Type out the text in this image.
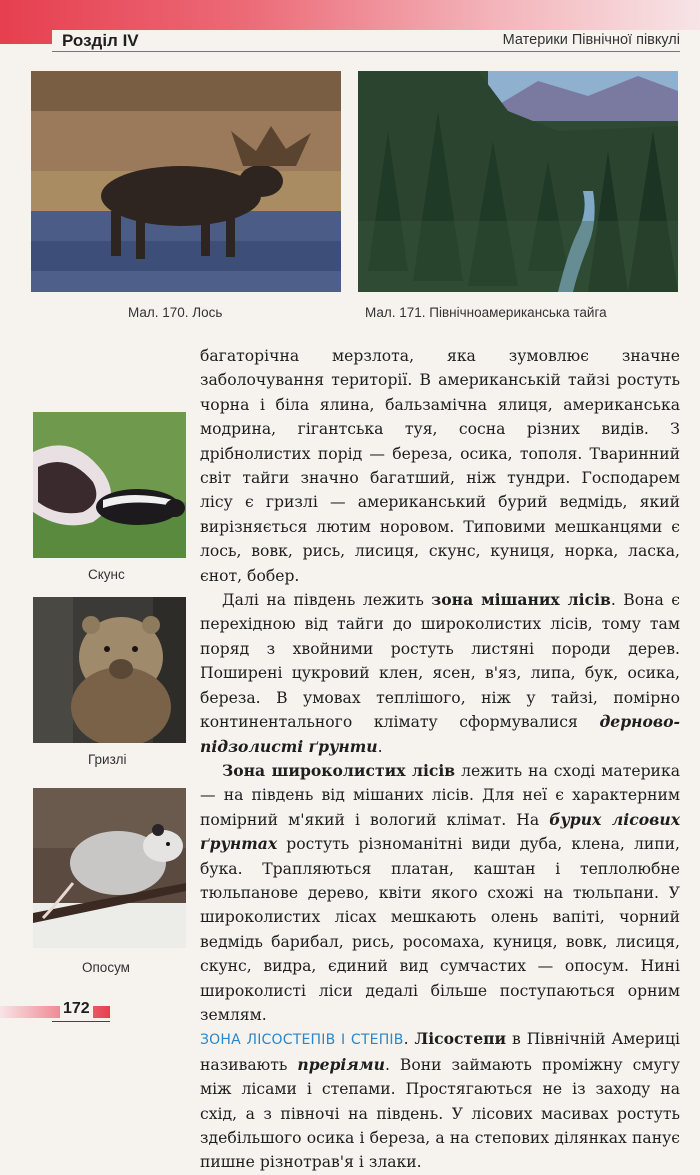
Розділ IV	Материки Північної півкулі
Мал. 170. Лось	Мал. 171. Північноамериканська тайга
Скунс
Гризлі
Опосум

багаторічна мерзлота, яка зумовлює значне заболочування території. В американській тайзі ростуть чорна і біла ялина, бальзамічна ялиця, американська модрина, гігантська туя, сосна різних видів. З дрібнолистих порід — береза, осика, тополя. Тваринний світ тайги значно багатший, ніж тундри. Господарем лісу є гризлі — американський бурий ведмідь, який вирізняється лютим норовом. Типовими мешканцями є лось, вовк, рись, лисиця, скунс, куниця, норка, ласка, єнот, бобер.

Далі на південь лежить зона мішаних лісів. Вона є перехідною від тайги до широколистих лісів, тому там поряд з хвойними ростуть листяні породи дерев. Поширені цукровий клен, ясен, в'яз, липа, бук, осика, береза. В умовах теплішого, ніж у тайзі, помірно континентального клімату сформувалися дерново-підзолисті ґрунти.

Зона широколистих лісів лежить на сході материка — на південь від мішаних лісів. Для неї є характерним помірний м'який і вологий клімат. На бурих лісових ґрунтах ростуть різноманітні види дуба, клена, липи, бука. Трапляються платан, каштан і теплолюбне тюльпанове дерево, квіти якого схожі на тюльпани. У широколистих лісах мешкають олень вапіті, чорний ведмідь барибал, рись, росомаха, куниця, вовк, лисиця, скунс, видра, єдиний вид сумчастих — опосум. Нині широколисті ліси дедалі більше поступаються орним землям.

ЗОНА ЛІСОСТЕПІВ І СТЕПІВ. Лісостепи в Північній Америці називають преріями. Вони займають проміжну смугу між лісами і степами. Простягаються не із заходу на схід, а з півночі на південь. У лісових масивах ростуть здебільшого осика і береза, а на степових ділянках панує пишне різнотрав'я і злаки.

172
